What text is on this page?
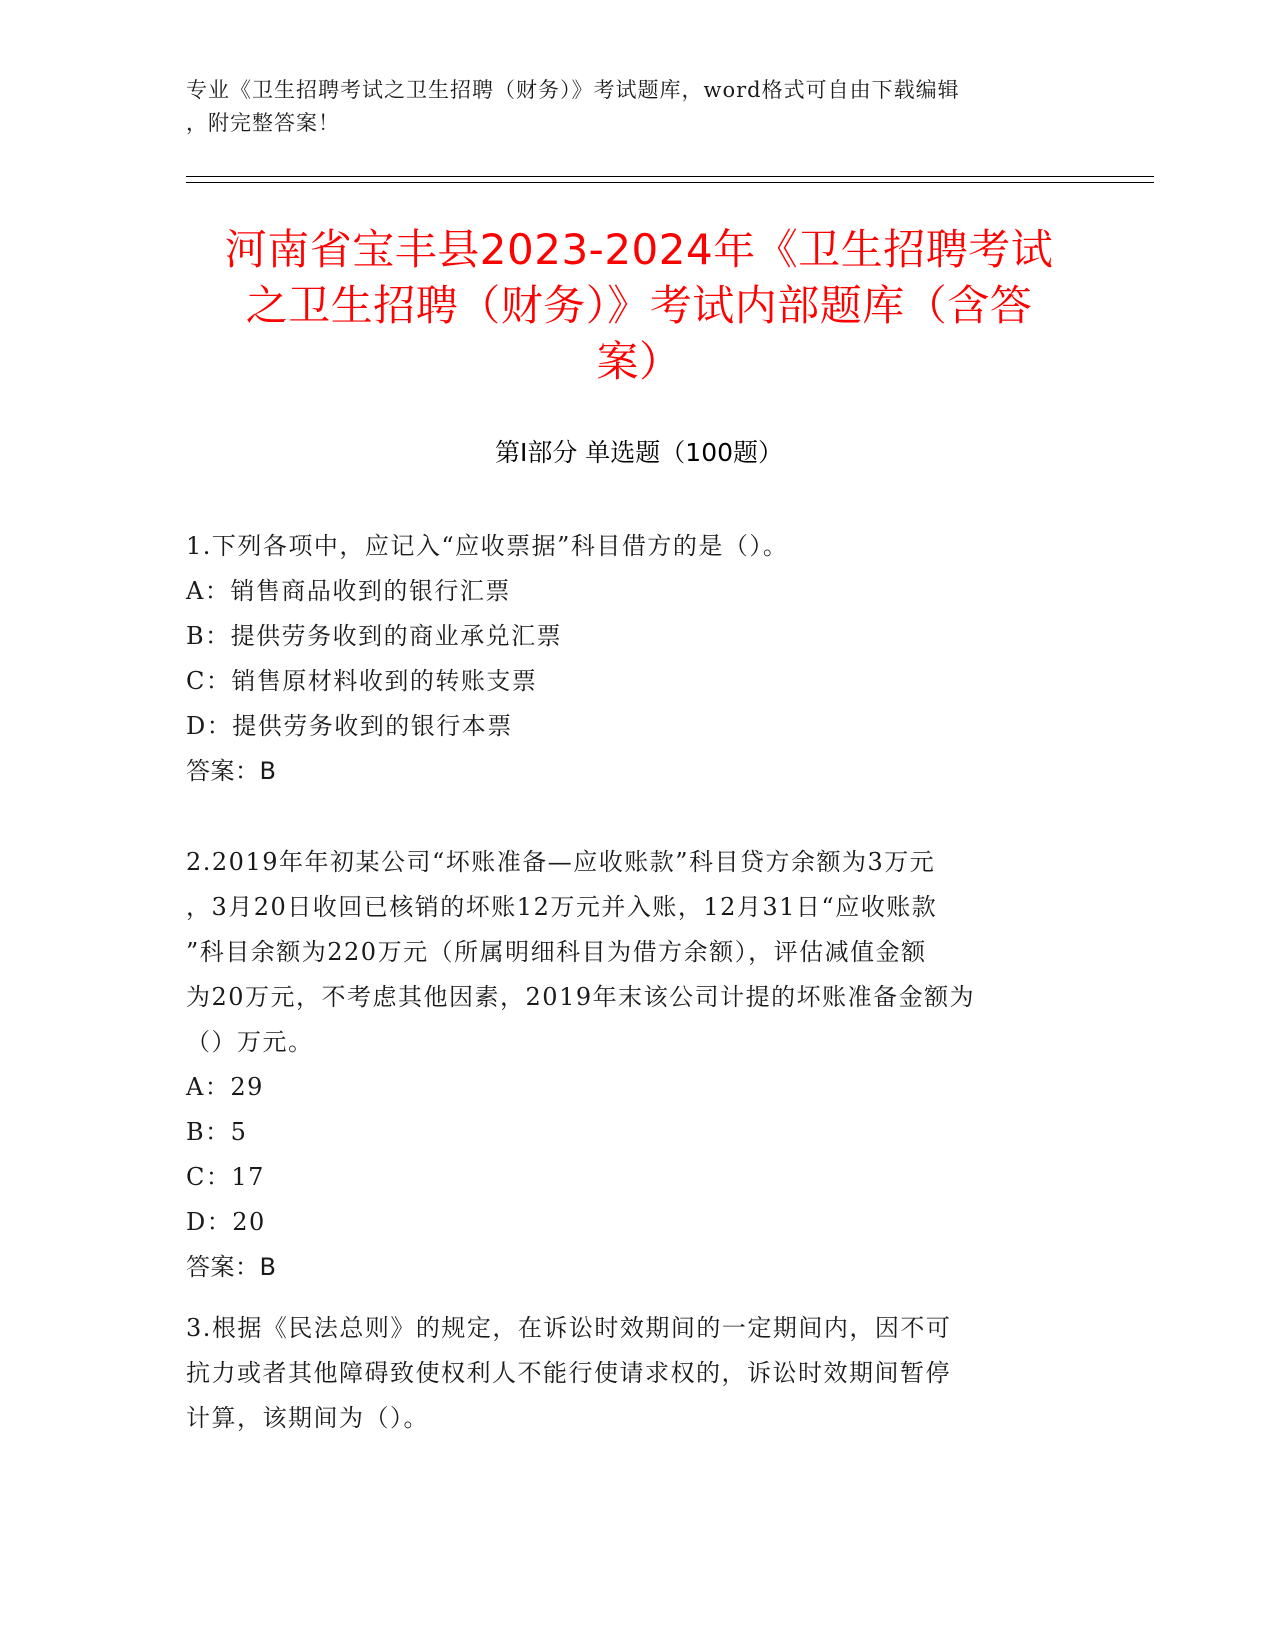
专业《卫生招聘考试之卫生招聘（财务）》考试题库，word格式可自由下载编辑
，附完整答案！
河南省宝丰县2023-2024年《卫生招聘考试
之卫生招聘（财务）》考试内部题库（含答
案）
第Ⅰ部分 单选题（100题）
1.下列各项中，应记入“应收票据”科目借方的是（）。
A：销售商品收到的银行汇票
B：提供劳务收到的商业承兑汇票
C：销售原材料收到的转账支票
D：提供劳务收到的银行本票
答案：B
2.2019年年初某公司“坏账准备—应收账款”科目贷方余额为3万元
，3月20日收回已核销的坏账12万元并入账，12月31日“应收账款
”科目余额为220万元（所属明细科目为借方余额），评估减值金额
为20万元，不考虑其他因素，2019年末该公司计提的坏账准备金额为
（）万元。
A：29
B：5
C：17
D：20
答案：B
3.根据《民法总则》的规定，在诉讼时效期间的一定期间内，因不可
抗力或者其他障碍致使权利人不能行使请求权的，诉讼时效期间暂停
计算，该期间为（）。
